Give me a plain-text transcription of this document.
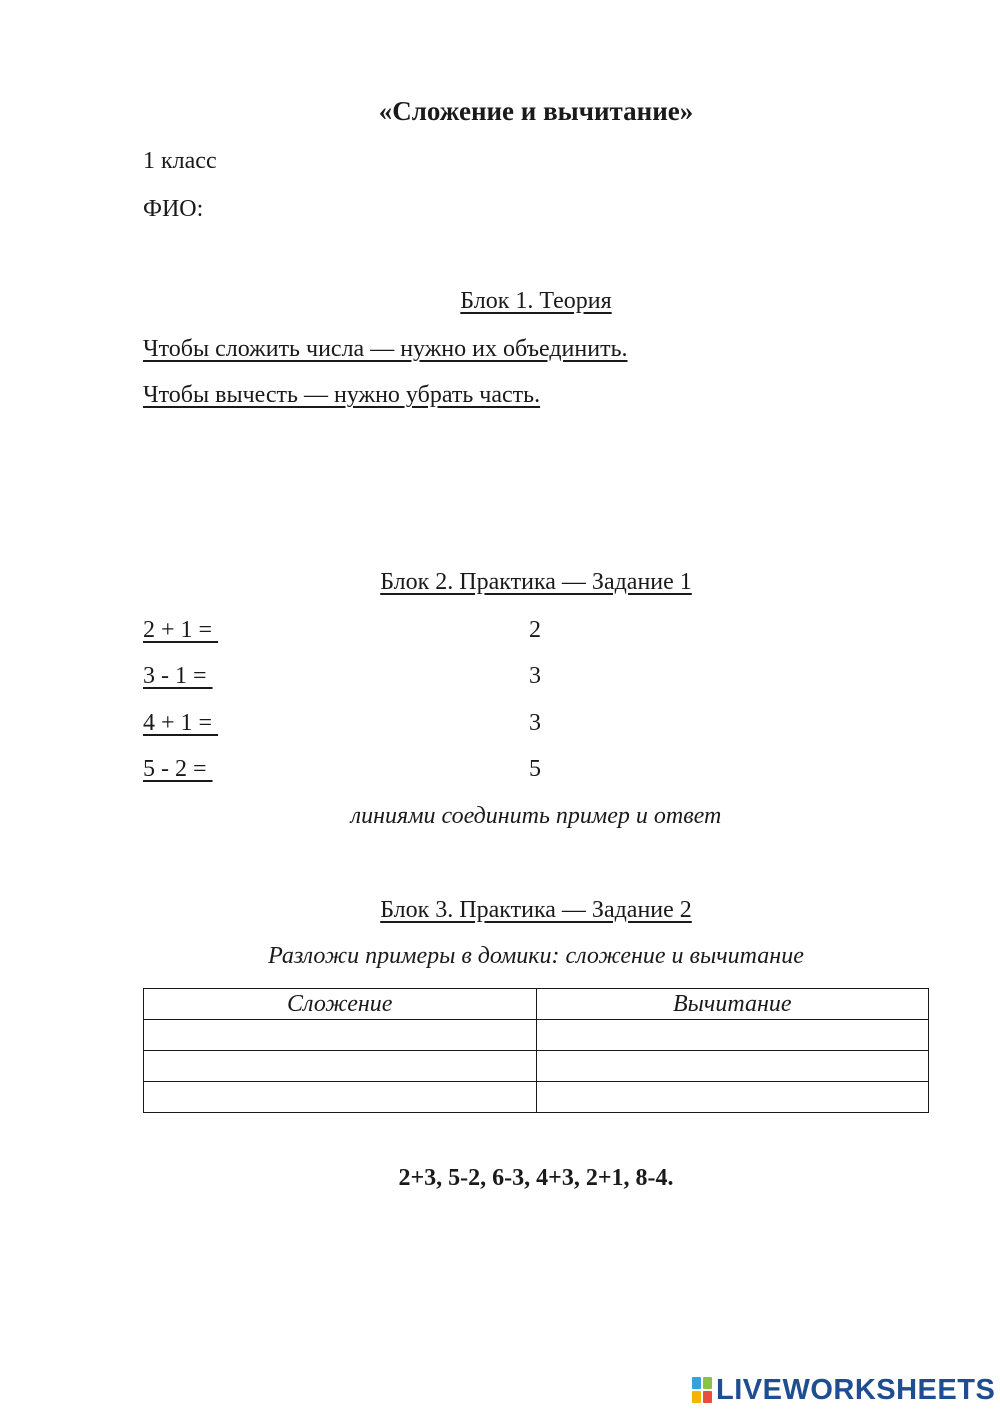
«Сложение и вычитание»
1 класс
ФИО:
Блок 1. Теория
Чтобы сложить числа — нужно их объединить.
Чтобы вычесть — нужно убрать часть.
Блок 2. Практика — Задание 1
2 + 1 =	2
3 - 1 =	3
4 + 1 =	3
5 - 2 =	5
линиями соединить пример и ответ
Блок 3. Практика — Задание 2
Разложи примеры в домики: сложение и вычитание
Сложение	Вычитание

2+3, 5-2, 6-3, 4+3, 2+1, 8-4.
LIVEWORKSHEETS
